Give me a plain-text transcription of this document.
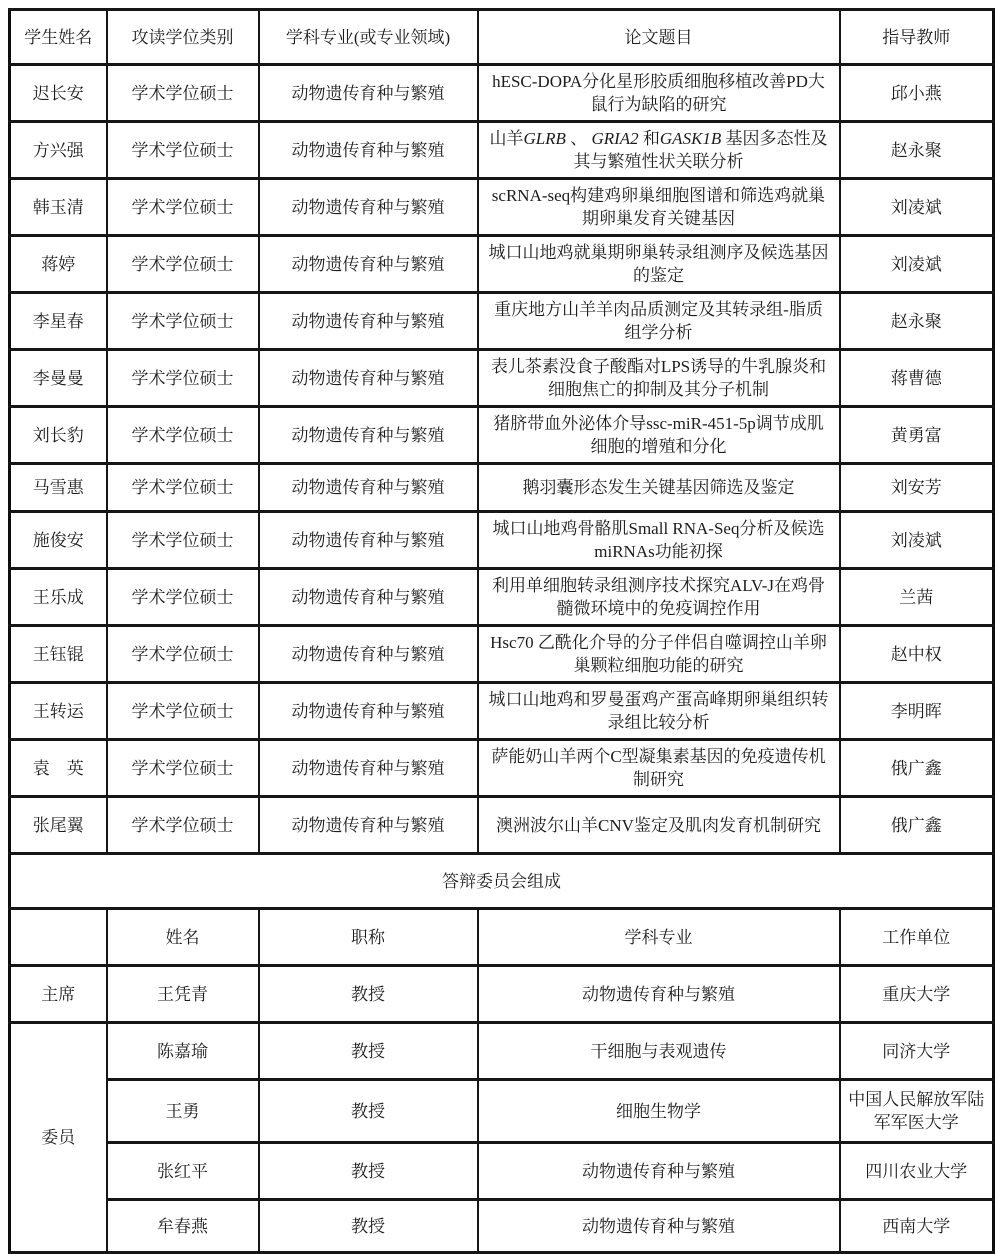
学生姓名	攻读学位类别	学科专业(或专业领域)	论文题目	指导教师
迟长安	学术学位硕士	动物遗传育种与繁殖	hESC-DOPA分化星形胶质细胞移植改善PD大鼠行为缺陷的研究	邱小燕
方兴强	学术学位硕士	动物遗传育种与繁殖	山羊GLRB 、 GRIA2 和GASK1B 基因多态性及其与繁殖性状关联分析	赵永聚
韩玉清	学术学位硕士	动物遗传育种与繁殖	scRNA-seq构建鸡卵巢细胞图谱和筛选鸡就巢期卵巢发育关键基因	刘凌斌
蒋婷	学术学位硕士	动物遗传育种与繁殖	城口山地鸡就巢期卵巢转录组测序及候选基因的鉴定	刘凌斌
李星春	学术学位硕士	动物遗传育种与繁殖	重庆地方山羊羊肉品质测定及其转录组-脂质组学分析	赵永聚
李曼曼	学术学位硕士	动物遗传育种与繁殖	表儿茶素没食子酸酯对LPS诱导的牛乳腺炎和细胞焦亡的抑制及其分子机制	蒋曹德
刘长豹	学术学位硕士	动物遗传育种与繁殖	猪脐带血外泌体介导ssc-miR-451-5p调节成肌细胞的增殖和分化	黄勇富
马雪惠	学术学位硕士	动物遗传育种与繁殖	鹅羽囊形态发生关键基因筛选及鉴定	刘安芳
施俊安	学术学位硕士	动物遗传育种与繁殖	城口山地鸡骨骼肌Small RNA-Seq分析及候选miRNAs功能初探	刘凌斌
王乐成	学术学位硕士	动物遗传育种与繁殖	利用单细胞转录组测序技术探究ALV-J在鸡骨髓微环境中的免疫调控作用	兰茜
王钰锟	学术学位硕士	动物遗传育种与繁殖	Hsc70 乙酰化介导的分子伴侣自噬调控山羊卵巢颗粒细胞功能的研究	赵中权
王转运	学术学位硕士	动物遗传育种与繁殖	城口山地鸡和罗曼蛋鸡产蛋高峰期卵巢组织转录组比较分析	李明晖
袁　英	学术学位硕士	动物遗传育种与繁殖	萨能奶山羊两个C型凝集素基因的免疫遗传机制研究	俄广鑫
张尾翼	学术学位硕士	动物遗传育种与繁殖	澳洲波尔山羊CNV鉴定及肌肉发育机制研究	俄广鑫
答辩委员会组成				
	姓名	职称	学科专业	工作单位
主席	王凭青	教授	动物遗传育种与繁殖	重庆大学
委员	陈嘉瑜	教授	干细胞与表观遗传	同济大学
	王勇	教授	细胞生物学	中国人民解放军陆军军医大学
	张红平	教授	动物遗传育种与繁殖	四川农业大学
	牟春燕	教授	动物遗传育种与繁殖	西南大学
